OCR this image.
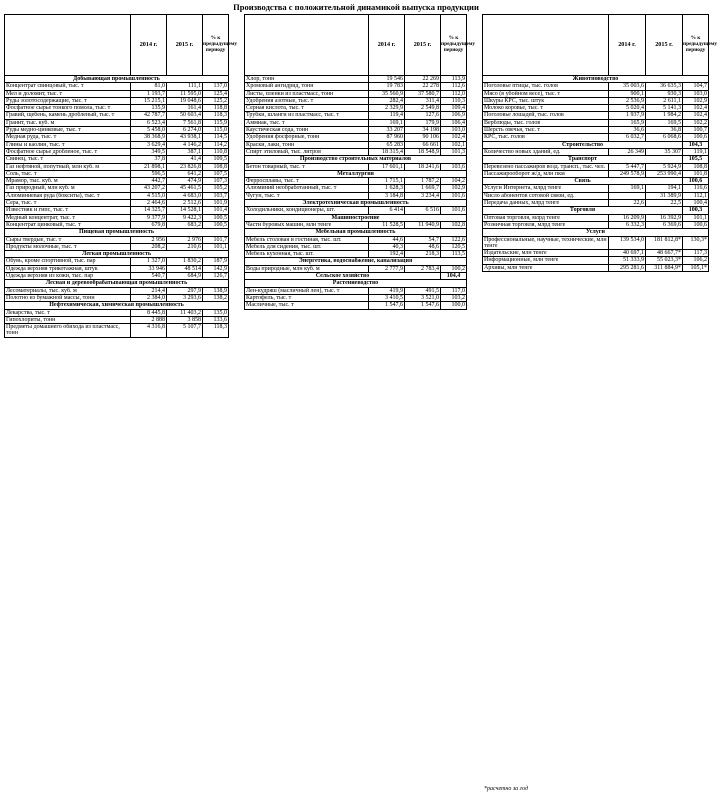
Производства с положительной динамикой выпуска продукции
	2014 г.	2015 г.	% к предыдущему периоду
Добывающая промышленность			
Концентрат свинцовый, тыс. т	81,0	111,1	137,0
Мел и доломит, тыс. т	1 193,7	11 595,0	125,4
Руды золотосодержащие, тыс. т	15 215,1	19 048,6	125,2
Фосфатное сырье тонкого помола, тыс. т	135,9	161,4	118,8
Гравий, щебень, камень дробленый, тыс. т	42 787,7	50 603,4	118,3
Гранит, тыс. куб. м	6 523,4	7 561,8	115,9
Руды медно-цинковые, тыс. т	5 458,0	6 274,0	115,0
Медная руда, тыс. т	38 368,9	43 938,1	114,5
Глины и каолин, тыс. т	3 629,4	4 146,2	114,2
Фосфатное сырье дробленое, тыс. т	349,5	387,1	110,8
Свинец, тыс. т	37,8	41,4	109,5
Газ нефтяной, попутный, млн куб. м	21 898,1	23 826,8	108,8
Соль, тыс. т	596,5	641,2	107,5
Мрамор, тыс. куб. м	442,7	474,9	107,3
Газ природный, млн куб. м	43 207,2	45 461,5	105,2
Алюминиевая руда (бокситы), тыс. т	4 515,0	4 683,0	103,7
Сера, тыс. т	2 464,6	2 512,6	101,9
Известняк и гипс, тыс. т	14 325,7	14 528,1	101,4
Медный концентрат, тыс. т	9 377,9	9 422,3	100,5
Концентрат цинковый, тыс. т	679,8	683,2	100,5
Пищевая промышленность			
Сыры твердые, тыс. т	2 956	2 976	101,7
Продукты молочные, тыс. т	208,2	210,6	101,1
Легкая промышленность			
Обувь, кроме спортивной, тыс. пар	1 327,0	1 830,2	187,9
Одежда верхняя трикотажная, штук	33 946	48 514	142,9
Одежда верхняя из кожи, тыс. пар	540,7	684,9	126,7
Лесная и деревообрабатывающая промышленность			
Лесоматериалы, тыс. куб. м	214,4	297,9	138,9
Полотно из бумажной массы, тонн	2 384,0	3 293,6	138,2
Нефтехимическая, химическая промышленность			
Лекарства, тыс. т	8 445,8	11 403,2	135,0
Гипохлориты, тонн	2 888	3 858	133,6
Предметы домашнего обихода из пластмасс, тонн	4 316,8	5 107,7	118,3
	2014 г.	2015 г.	% к предыдущему периоду
Хлор, тонн	19 546	22 269	113,9
Хромовый ангидрид, тонн	19 783	22 278	112,6
Листы, пленки из пластмасс, тонн	35 560,9	37 580,7	112,0
Удобрения азотные, тыс. т	282,4	311,4	110,3
Серная кислота, тыс. т	2 329,9	2 549,8	109,4
Трубки, шланги из пластмасс, тыс. т	119,4	127,6	106,9
Аммиак, тыс. т	169,1	179,9	106,4
Каустическая сода, тонн	33 207	34 198	103,0
Удобрения фосфорные, тонн	87 960	90 106	102,4
Краски, лаки, тонн	65 283	66 661	102,1
Спирт этиловый, тыс. литров	18 315,4	18 548,9	101,3
Производство строительных материалов			
Бетон товарный, тыс. т	17 601,1	18 241,6	103,6
Металлургия			
Ферросплавы, тыс. т	1 715,1	1 787,2	104,2
Алюминий необработанный, тыс. т	1 628,3	1 669,7	102,9
Чугун, тыс. т	3 184,8	3 234,4	101,6
Электротехническая промышленность			
Холодильники, кондиционеры, шт.	6 414	6 516	101,6
Машиностроение			
Части буровых машин, млн тенге	11 528,5	11 940,9	102,8
Мебельная промышленность			
Мебель столовая и гостиная, тыс. шт.	44,6	54,7	122,6
Мебель для сидения, тыс. шт.	40,3	48,6	120,5
Мебель кухонная, тыс. шт.	192,4	218,3	113,5
Энергетика, водоснабжение, канализация			
Воды природные, млн куб. м	2 777,9	2 783,4	100,2
Сельское хозяйство			104,4
Растениеводство			
Лен-кудряш (масличный лен), тыс. т	419,9	491,5	117,0
Картофель, тыс. т	3 410,5	3 521,0	103,2
Масличные, тыс. т	1 547,6	1 547,6	100,0
	2014 г.	2015 г.	% к предыдущему периоду
Животноводство			
Поголовье птицы, тыс. голов	35 003,6	36 635,3	104,7
Мясо (в убойном весе), тыс. т	900,1	930,3	103,0
Шкуры КРС, тыс. штук	2 536,9	2 611,1	102,9
Молоко коровье, тыс. т	5 020,4	5 141,3	102,4
Поголовье лошадей, тыс. голов	1 937,9	1 984,2	102,4
Верблюды, тыс. голов	165,9	169,5	102,2
Шерсть овечья, тыс. т	36,6	36,8	100,7
КРС, тыс. голов	6 032,7	6 068,6	100,6
Строительство			104,3
Количество новых зданий, ед.	26 349	35 307	119,1
Транспорт			105,5
Перевезено пассажиров возд. трансп., тыс. чел.	5 447,7	5 924,9	108,8
Пассажирооборот ж/д, млн пкм	249 578,9	253 990,4	101,8
Связь			100,6
Услуги Интернета, млрд тенге	169,1	194,1	116,6
Число абонентов сотовой связи, ед.		31 389,9	112,1
Передача данных, млрд тенге	22,6	22,5	100,4
Торговля			100,3
Оптовая торговля, млрд тенге	16 209,9	16 392,9	101,1
Розничная торговля, млрд тенге	6 332,3	6 369,6	100,6
Услуги			
Профессиональные, научные, технические, млн тенге	139 534,0	181 812,8*	130,3*
Издательские, млн тенге	40 697,1	48 667,7*	117,3
Информационные, млн тенге	51 333,9	55 023,3*	106,2
Архивы, млн тенге	295 281,6	311 884,9*	105,1*
*расчетно за год
